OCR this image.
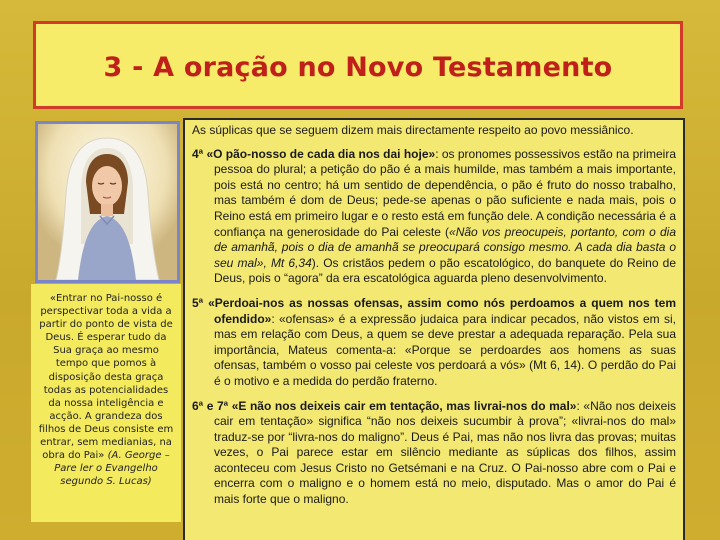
3 - A oração no Novo Testamento
«Entrar no Pai-nosso é perspectivar toda a vida a partir do ponto de vista de Deus. É esperar tudo da Sua graça ao mesmo tempo que pomos à disposição desta graça todas as potencialidades da nossa inteligência e acção. A grandeza dos filhos de Deus consiste em entrar, sem medianias, na obra do Pai» (A. George – Pare ler o Evangelho segundo S. Lucas)

As súplicas que se seguem dizem mais directamente respeito ao povo messiânico.

4ª «O pão-nosso de cada dia nos dai hoje»: os pronomes possessivos estão na primeira pessoa do plural; a petição do pão é a mais humilde, mas também a mais importante, pois está no centro; há um sentido de dependência, o pão é fruto do nosso trabalho, mas também é dom de Deus; pede-se apenas o pão suficiente e nada mais, pois o Reino está em primeiro lugar e o resto está em função dele. A condição necessária é a confiança na generosidade do Pai celeste («Não vos preocupeis, portanto, com o dia de amanhã, pois o dia de amanhã se preocupará consigo mesmo. A cada dia basta o seu mal», Mt 6,34). Os cristãos pedem o pão escatológico, do banquete do Reino de Deus, pois o “agora” da era escatológica aguarda pleno desenvolvimento.

5ª «Perdoai-nos as nossas ofensas, assim como nós perdoamos a quem nos tem ofendido»: «ofensas» é a expressão judaica para indicar pecados, não vistos em si, mas em relação com Deus, a quem se deve prestar a adequada reparação. Pela sua importância, Mateus comenta-a: «Porque se perdoardes aos homens as suas ofensas, também o vosso pai celeste vos perdoará a vós» (Mt 6, 14). O perdão do Pai é o motivo e a medida do perdão fraterno.

6ª e 7ª «E não nos deixeis cair em tentação, mas livrai-nos do mal»: «Não nos deixeis cair em tentação» significa “não nos deixeis sucumbir à prova”; «livrai-nos do mal» traduz-se por “livra-nos do maligno”. Deus é Pai, mas não nos livra das provas; muitas vezes, o Pai parece estar em silêncio mediante as súplicas dos filhos, assim aconteceu com Jesus Cristo no Getsémani e na Cruz. O Pai-nosso abre com o Pai e encerra com o maligno e o homem está no meio, disputado. Mas o amor do Pai é mais forte que o maligno.
